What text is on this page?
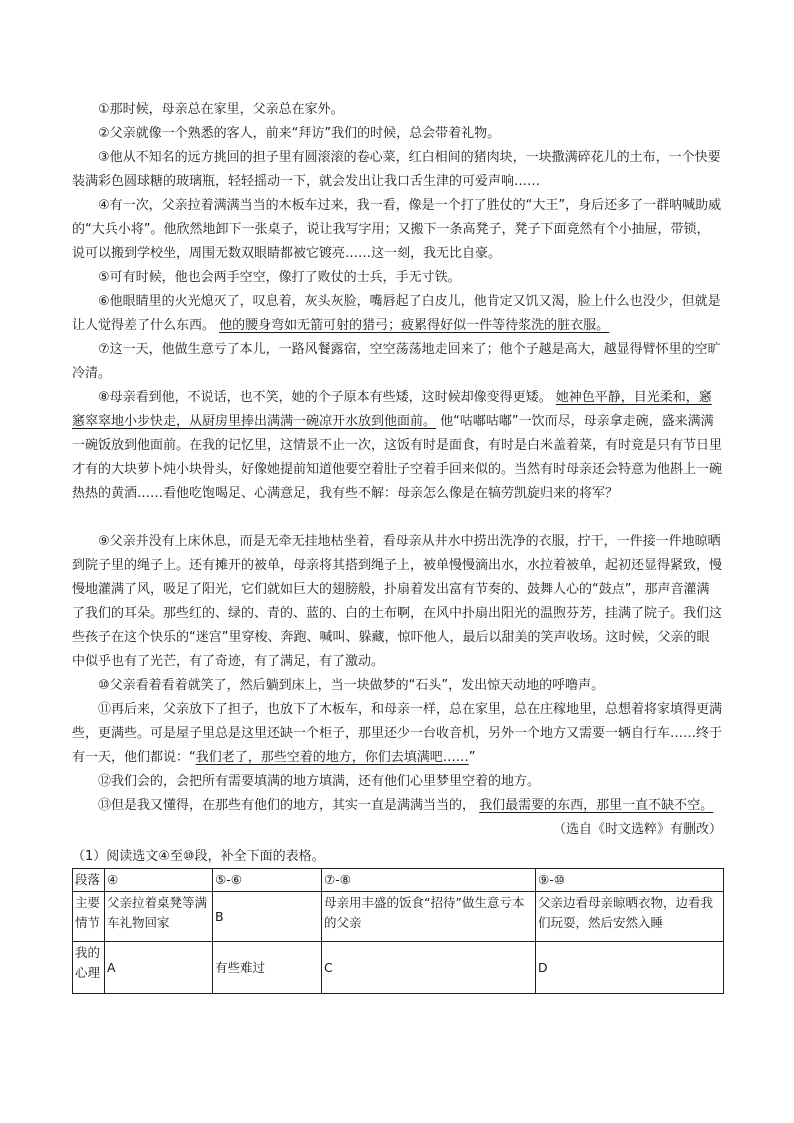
①那时候，母亲总在家里，父亲总在家外。
②父亲就像一个熟悉的客人，前来“拜访”我们的时候，总会带着礼物。
③他从不知名的远方挑回的担子里有圆滚滚的卷心菜，红白相间的猪肉块，一块撒满碎花儿的土布，一个快要装满彩色圆球糖的玻璃瓶，轻轻摇动一下，就会发出让我口舌生津的可爱声响……
④有一次，父亲拉着满满当当的木板车过来，我一看，像是一个打了胜仗的“大王”，身后还多了一群呐喊助威的“大兵小将”。他欣然地卸下一张桌子，说让我写字用；又搬下一条高凳子，凳子下面竟然有个小抽屉，带锁，说可以搬到学校坐，周围无数双眼睛都被它镀亮……这一刻，我无比自豪。
⑤可有时候，他也会两手空空，像打了败仗的士兵，手无寸铁。
⑥他眼睛里的火光熄灭了，叹息着，灰头灰脸，嘴唇起了白皮儿，他肯定又饥又渴，脸上什么也没少，但就是让人觉得差了什么东西。 他的腰身弯如无箭可射的猎弓；疲累得好似一件等待浆洗的脏衣服。
⑦这一天，他做生意亏了本儿，一路风餐露宿，空空荡荡地走回来了；他个子越是高大，越显得臂怀里的空旷冷清。
⑧母亲看到他，不说话，也不笑，她的个子原本有些矮，这时候却像变得更矮。 她神色平静，目光柔和，窸窸窣窣地小步快走，从厨房里捧出满满一碗凉开水放到他面前。 他“咕嘟咕嘟”一饮而尽，母亲拿走碗，盛来满满一碗饭放到他面前。在我的记忆里，这情景不止一次，这饭有时是面食，有时是白米盖着菜，有时竟是只有节日里才有的大块萝卜炖小块骨头，好像她提前知道他要空着肚子空着手回来似的。当然有时母亲还会特意为他斟上一碗热热的黄酒……看他吃饱喝足、心满意足，我有些不解：母亲怎么像是在犒劳凯旋归来的将军？
⑨父亲并没有上床休息，而是无牵无挂地枯坐着，看母亲从井水中捞出洗净的衣服，拧干，一件接一件地晾晒到院子里的绳子上。还有摊开的被单，母亲将其搭到绳子上，被单慢慢滴出水，水拉着被单，起初还显得紧致，慢慢地灌满了风，吸足了阳光，它们就如巨大的翅膀般，扑扇着发出富有节奏的、鼓舞人心的“鼓点”，那声音灌满了我们的耳朵。那些红的、绿的、青的、蓝的、白的土布啊，在风中扑扇出阳光的温煦芬芳，挂满了院子。我们这些孩子在这个快乐的“迷宫”里穿梭、奔跑、喊叫、躲藏，惊吓他人，最后以甜美的笑声收场。这时候，父亲的眼中似乎也有了光芒，有了奇迹，有了满足，有了激动。
⑩父亲看着看着就笑了，然后躺到床上，当一块做梦的“石头”，发出惊天动地的呼噜声。
⑪再后来，父亲放下了担子，也放下了木板车，和母亲一样，总在家里，总在庄稼地里，总想着将家填得更满些，更满些。可是屋子里总是这里还缺一个柜子，那里还少一台收音机，另外一个地方又需要一辆自行车……终于有一天，他们都说：“我们老了，那些空着的地方，你们去填满吧……”
⑫我们会的，会把所有需要填满的地方填满，还有他们心里梦里空着的地方。
⑬但是我又懂得，在那些有他们的地方，其实一直是满满当当的， 我们最需要的东西，那里一直不缺不空。
（选自《时文选粹》有删改）
（1）阅读选文④至⑩段，补全下面的表格。
段落	④	⑤-⑥	⑦-⑧	⑨-⑩
主要情节	父亲拉着桌凳等满车礼物回家	B	母亲用丰盛的饭食“招待”做生意亏本的父亲	父亲边看母亲晾晒衣物，边看我们玩耍，然后安然入睡
我的心理	A	有些难过	C	D
